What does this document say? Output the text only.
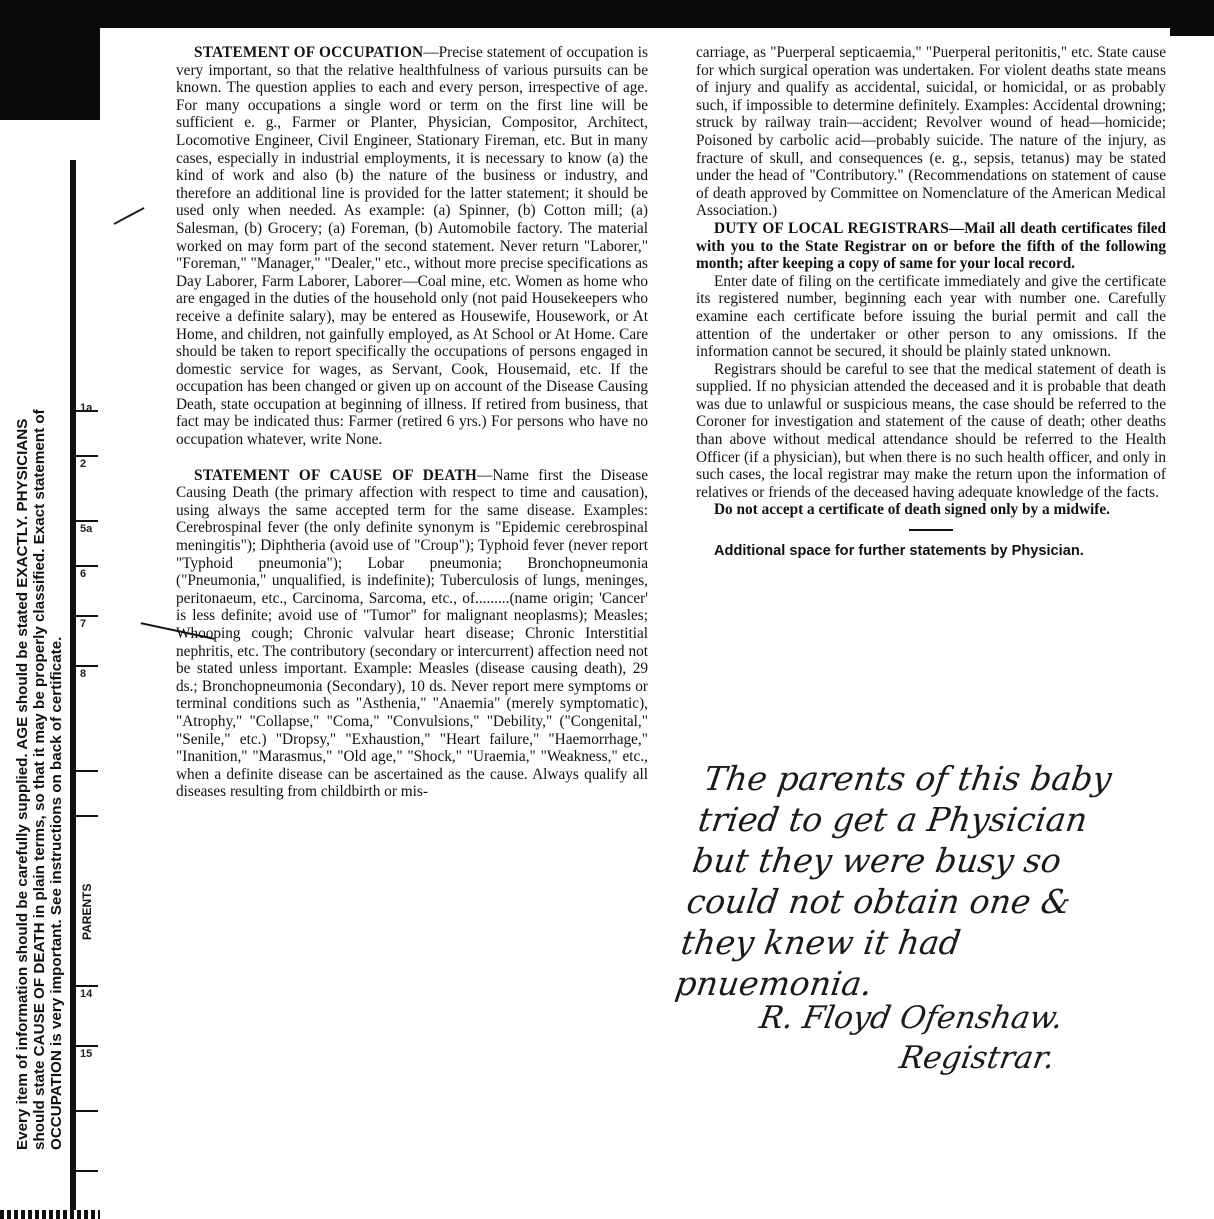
Every item of information should be carefully supplied. AGE should be stated EXACTLY. PHYSICIANS should state CAUSE OF DEATH in plain terms, so that it may be properly classified. Exact statement of OCCUPATION is very important. See instructions on back of certificate.
1a
2
5a
6
7
8
14
15
PARENTS

STATEMENT OF OCCUPATION—Precise statement of occupation is very important, so that the relative healthfulness of various pursuits can be known. The question applies to each and every person, irrespective of age. For many occupations a single word or term on the first line will be sufficient e. g., Farmer or Planter, Physician, Compositor, Architect, Locomotive Engineer, Civil Engineer, Stationary Fireman, etc. But in many cases, especially in industrial employments, it is necessary to know (a) the kind of work and also (b) the nature of the business or industry, and therefore an additional line is provided for the latter statement; it should be used only when needed. As example: (a) Spinner, (b) Cotton mill; (a) Salesman, (b) Grocery; (a) Foreman, (b) Automobile factory. The material worked on may form part of the second statement. Never return "Laborer," "Foreman," "Manager," "Dealer," etc., without more precise specifications as Day Laborer, Farm Laborer, Laborer—Coal mine, etc. Women as home who are engaged in the duties of the household only (not paid Housekeepers who receive a definite salary), may be entered as Housewife, Housework, or At Home, and children, not gainfully employed, as At School or At Home. Care should be taken to report specifically the occupations of persons engaged in domestic service for wages, as Servant, Cook, Housemaid, etc. If the occupation has been changed or given up on account of the Disease Causing Death, state occupation at beginning of illness. If retired from business, that fact may be indicated thus: Farmer (retired 6 yrs.) For persons who have no occupation whatever, write None.

STATEMENT OF CAUSE OF DEATH—Name first the Disease Causing Death (the primary affection with respect to time and causation), using always the same accepted term for the same disease. Examples: Cerebrospinal fever (the only definite synonym is "Epidemic cerebrospinal meningitis"); Diphtheria (avoid use of "Croup"); Typhoid fever (never report "Typhoid pneumonia"); Lobar pneumonia; Bronchopneumonia ("Pneumonia," unqualified, is indefinite); Tuberculosis of lungs, meninges, peritonaeum, etc., Carcinoma, Sarcoma, etc., of.........(name origin; 'Cancer' is less definite; avoid use of "Tumor" for malignant neoplasms); Measles; Whooping cough; Chronic valvular heart disease; Chronic Interstitial nephritis, etc. The contributory (secondary or intercurrent) affection need not be stated unless important. Example: Measles (disease causing death), 29 ds.; Bronchopneumonia (Secondary), 10 ds. Never report mere symptoms or terminal conditions such as "Asthenia," "Anaemia" (merely symptomatic), "Atrophy," "Collapse," "Coma," "Convulsions," "Debility," ("Congenital," "Senile," etc.) "Dropsy," "Exhaustion," "Heart failure," "Haemorrhage," "Inanition," "Marasmus," "Old age," "Shock," "Uraemia," "Weakness," etc., when a definite disease can be ascertained as the cause. Always qualify all diseases resulting from childbirth or mis-

carriage, as "Puerperal septicaemia," "Puerperal peritonitis," etc. State cause for which surgical operation was undertaken. For violent deaths state means of injury and qualify as accidental, suicidal, or homicidal, or as probably such, if impossible to determine definitely. Examples: Accidental drowning; struck by railway train—accident; Revolver wound of head—homicide; Poisoned by carbolic acid—probably suicide. The nature of the injury, as fracture of skull, and consequences (e. g., sepsis, tetanus) may be stated under the head of "Contributory." (Recommendations on statement of cause of death approved by Committee on Nomenclature of the American Medical Association.)

DUTY OF LOCAL REGISTRARS—Mail all death certificates filed with you to the State Registrar on or before the fifth of the following month; after keeping a copy of same for your local record.

Enter date of filing on the certificate immediately and give the certificate its registered number, beginning each year with number one. Carefully examine each certificate before issuing the burial permit and call the attention of the undertaker or other person to any omissions. If the information cannot be secured, it should be plainly stated unknown.

Registrars should be careful to see that the medical statement of death is supplied. If no physician attended the deceased and it is probable that death was due to unlawful or suspicious means, the case should be referred to the Coroner for investigation and statement of the cause of death; other deaths than above without medical attendance should be referred to the Health Officer (if a physician), but when there is no such health officer, and only in such cases, the local registrar may make the return upon the information of relatives or friends of the deceased having adequate knowledge of the facts.

Do not accept a certificate of death signed only by a midwife.

Additional space for further statements by Physician.

The parents of this baby
tried to get a Physician
but they were busy so
could not obtain one &
they knew it had
pnuemonia.
R. Floyd Ofenshaw.
Registrar.
